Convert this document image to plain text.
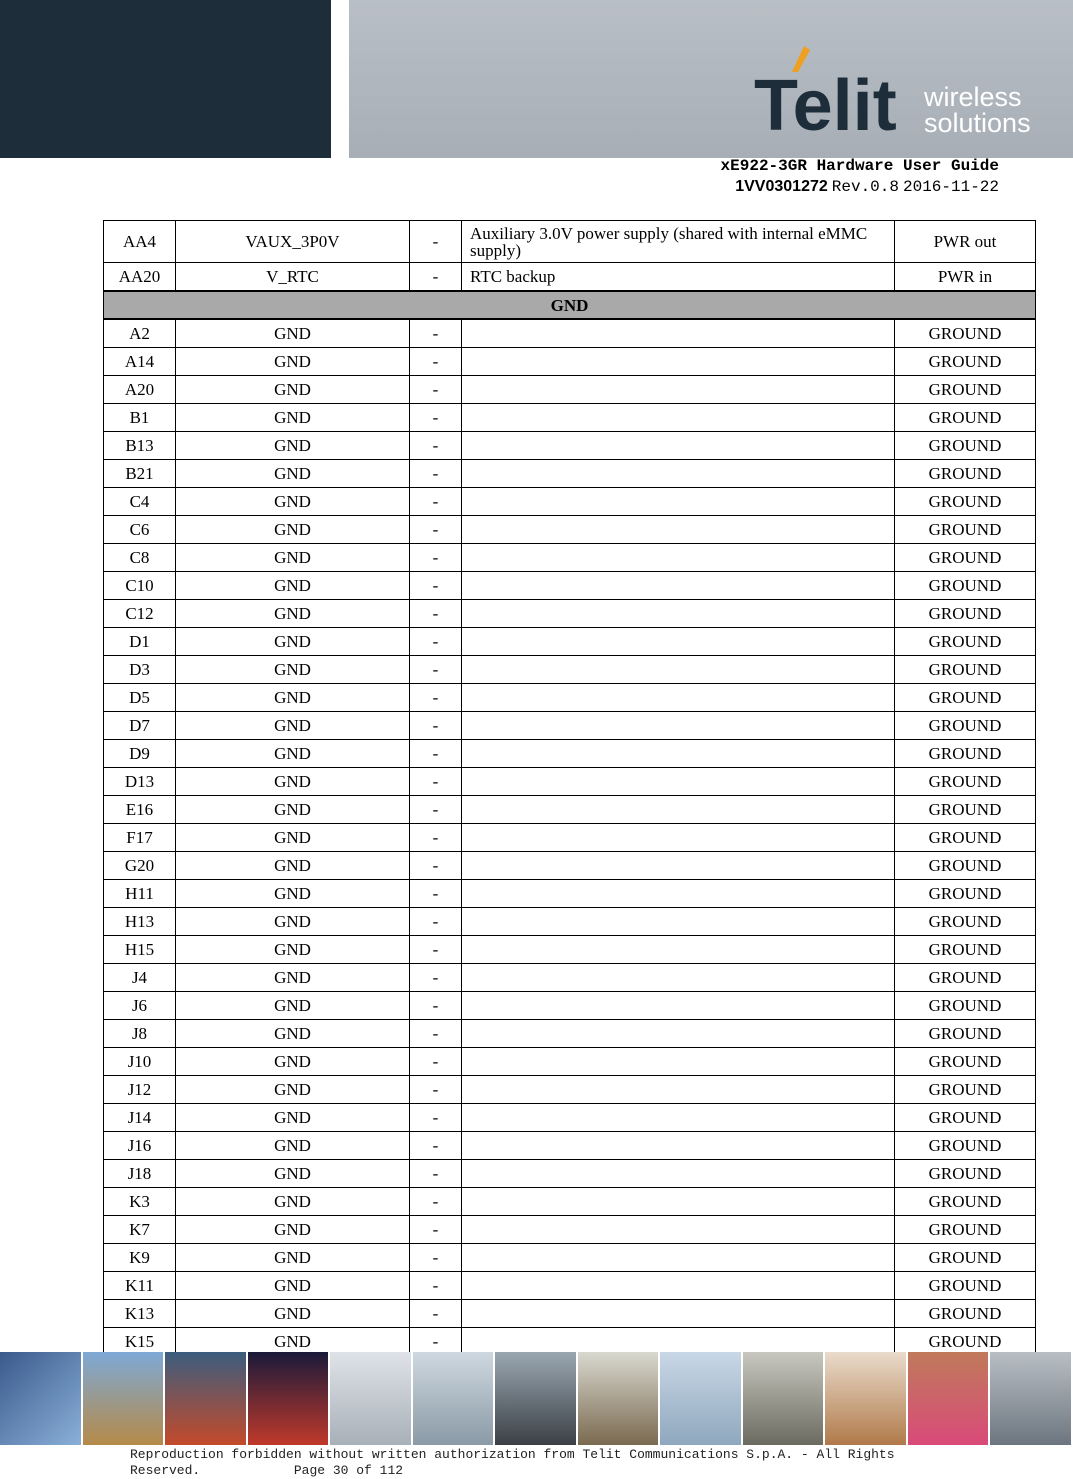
Telit wireless
solutions
xE922-3GR Hardware User Guide
1VV0301272 Rev.0.8 2016-11-22
AA4	VAUX_3P0V	-	Auxiliary 3.0V power supply (shared with internal eMMC supply)	PWR out
AA20	V_RTC	-	RTC backup	PWR in
GND				
A2	GND	-		GROUND
A14	GND	-		GROUND
A20	GND	-		GROUND
B1	GND	-		GROUND
B13	GND	-		GROUND
B21	GND	-		GROUND
C4	GND	-		GROUND
C6	GND	-		GROUND
C8	GND	-		GROUND
C10	GND	-		GROUND
C12	GND	-		GROUND
D1	GND	-		GROUND
D3	GND	-		GROUND
D5	GND	-		GROUND
D7	GND	-		GROUND
D9	GND	-		GROUND
D13	GND	-		GROUND
E16	GND	-		GROUND
F17	GND	-		GROUND
G20	GND	-		GROUND
H11	GND	-		GROUND
H13	GND	-		GROUND
H15	GND	-		GROUND
J4	GND	-		GROUND
J6	GND	-		GROUND
J8	GND	-		GROUND
J10	GND	-		GROUND
J12	GND	-		GROUND
J14	GND	-		GROUND
J16	GND	-		GROUND
J18	GND	-		GROUND
K3	GND	-		GROUND
K7	GND	-		GROUND
K9	GND	-		GROUND
K11	GND	-		GROUND
K13	GND	-		GROUND
K15	GND	-		GROUND
Reproduction forbidden without written authorization from Telit Communications S.p.A. - All Rights
Reserved.	Page 30 of 112
